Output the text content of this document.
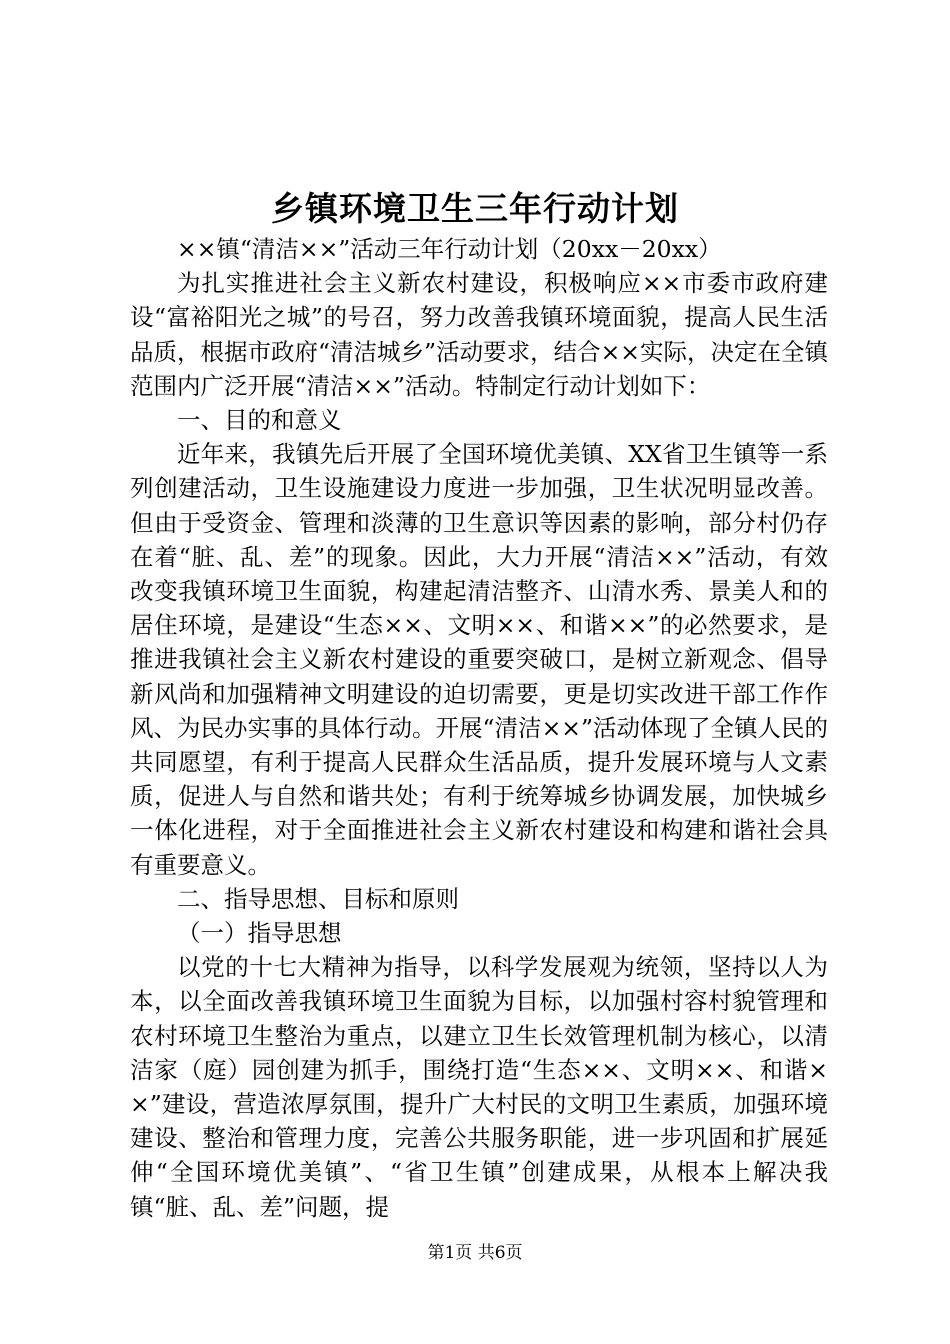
乡镇环境卫生三年行动计划

××镇“清洁××”活动三年行动计划（20xx－20xx）

为扎实推进社会主义新农村建设，积极响应××市委市政府建设“富裕阳光之城”的号召，努力改善我镇环境面貌，提高人民生活品质，根据市政府“清洁城乡”活动要求，结合××实际，决定在全镇范围内广泛开展“清洁××”活动。特制定行动计划如下：

一、目的和意义

近年来，我镇先后开展了全国环境优美镇、XX省卫生镇等一系列创建活动，卫生设施建设力度进一步加强，卫生状况明显改善。但由于受资金、管理和淡薄的卫生意识等因素的影响，部分村仍存在着“脏、乱、差”的现象。因此，大力开展“清洁××”活动，有效改变我镇环境卫生面貌，构建起清洁整齐、山清水秀、景美人和的居住环境，是建设“生态××、文明××、和谐××”的必然要求，是推进我镇社会主义新农村建设的重要突破口，是树立新观念、倡导新风尚和加强精神文明建设的迫切需要，更是切实改进干部工作作风、为民办实事的具体行动。开展“清洁××”活动体现了全镇人民的共同愿望，有利于提高人民群众生活品质，提升发展环境与人文素质，促进人与自然和谐共处；有利于统筹城乡协调发展，加快城乡一体化进程，对于全面推进社会主义新农村建设和构建和谐社会具有重要意义。

二、指导思想、目标和原则

（一）指导思想

以党的十七大精神为指导，以科学发展观为统领，坚持以人为本，以全面改善我镇环境卫生面貌为目标，以加强村容村貌管理和农村环境卫生整治为重点，以建立卫生长效管理机制为核心，以清洁家（庭）园创建为抓手，围绕打造“生态××、文明××、和谐××”建设，营造浓厚氛围，提升广大村民的文明卫生素质，加强环境建设、整治和管理力度，完善公共服务职能，进一步巩固和扩展延伸“全国环境优美镇”、“省卫生镇”创建成果，从根本上解决我镇“脏、乱、差”问题，提

第1页 共6页
